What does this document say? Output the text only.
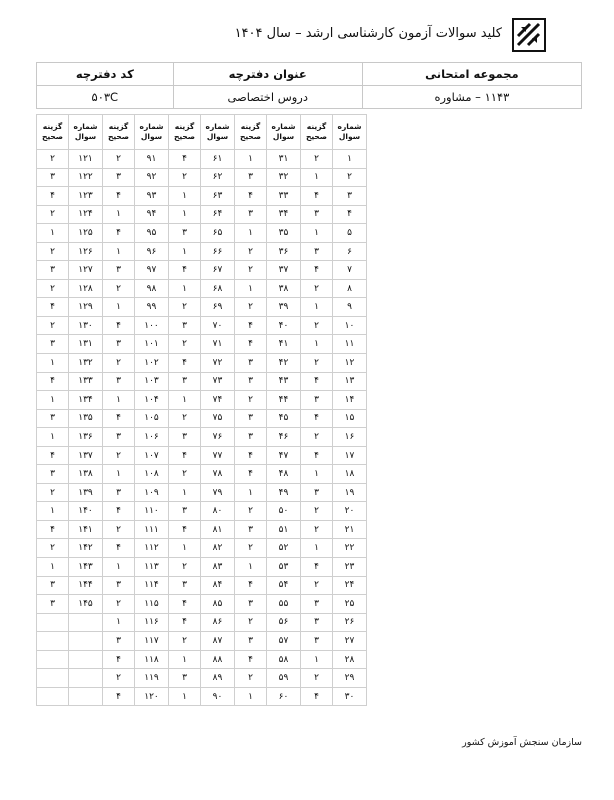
کلید سوالات آزمون کارشناسی ارشد – سال ۱۴۰۴
مجموعه امتحانی	عنوان دفترچه	کد دفترچه
۱۱۴۳ – مشاوره	دروس اختصاصی	۵۰۳C
شماره سوال	گزینه صحیح	شماره سوال	گزینه صحیح	شماره سوال	گزینه صحیح	شماره سوال	گزینه صحیح	شماره سوال	گزینه صحیح
۱	۲	۳۱	۱	۶۱	۴	۹۱	۲	۱۲۱	۲
۲	۱	۳۲	۳	۶۲	۲	۹۲	۳	۱۲۲	۳
۳	۴	۳۳	۴	۶۳	۱	۹۳	۴	۱۲۳	۴
۴	۳	۳۴	۳	۶۴	۱	۹۴	۱	۱۲۴	۲
۵	۱	۳۵	۱	۶۵	۳	۹۵	۴	۱۲۵	۱
۶	۳	۳۶	۲	۶۶	۱	۹۶	۱	۱۲۶	۲
۷	۴	۳۷	۲	۶۷	۴	۹۷	۳	۱۲۷	۳
۸	۲	۳۸	۱	۶۸	۱	۹۸	۲	۱۲۸	۲
۹	۱	۳۹	۲	۶۹	۲	۹۹	۱	۱۲۹	۴
۱۰	۲	۴۰	۴	۷۰	۳	۱۰۰	۴	۱۳۰	۲
۱۱	۱	۴۱	۴	۷۱	۲	۱۰۱	۳	۱۳۱	۳
۱۲	۲	۴۲	۳	۷۲	۴	۱۰۲	۲	۱۳۲	۱
۱۳	۴	۴۳	۳	۷۳	۳	۱۰۳	۳	۱۳۳	۴
۱۴	۳	۴۴	۲	۷۴	۱	۱۰۴	۱	۱۳۴	۱
۱۵	۴	۴۵	۳	۷۵	۲	۱۰۵	۴	۱۳۵	۳
۱۶	۲	۴۶	۳	۷۶	۳	۱۰۶	۳	۱۳۶	۱
۱۷	۴	۴۷	۴	۷۷	۴	۱۰۷	۲	۱۳۷	۴
۱۸	۱	۴۸	۴	۷۸	۲	۱۰۸	۱	۱۳۸	۳
۱۹	۳	۴۹	۱	۷۹	۱	۱۰۹	۳	۱۳۹	۲
۲۰	۲	۵۰	۲	۸۰	۳	۱۱۰	۴	۱۴۰	۱
۲۱	۲	۵۱	۳	۸۱	۴	۱۱۱	۲	۱۴۱	۴
۲۲	۱	۵۲	۲	۸۲	۱	۱۱۲	۴	۱۴۲	۲
۲۳	۴	۵۳	۱	۸۳	۲	۱۱۳	۱	۱۴۳	۱
۲۴	۲	۵۴	۴	۸۴	۳	۱۱۴	۳	۱۴۴	۳
۲۵	۳	۵۵	۳	۸۵	۴	۱۱۵	۲	۱۴۵	۳
۲۶	۳	۵۶	۲	۸۶	۴	۱۱۶	۱		
۲۷	۳	۵۷	۳	۸۷	۲	۱۱۷	۳		
۲۸	۱	۵۸	۴	۸۸	۱	۱۱۸	۴		
۲۹	۲	۵۹	۲	۸۹	۳	۱۱۹	۲		
۳۰	۴	۶۰	۱	۹۰	۱	۱۲۰	۴		
سازمان سنجش آموزش کشور
